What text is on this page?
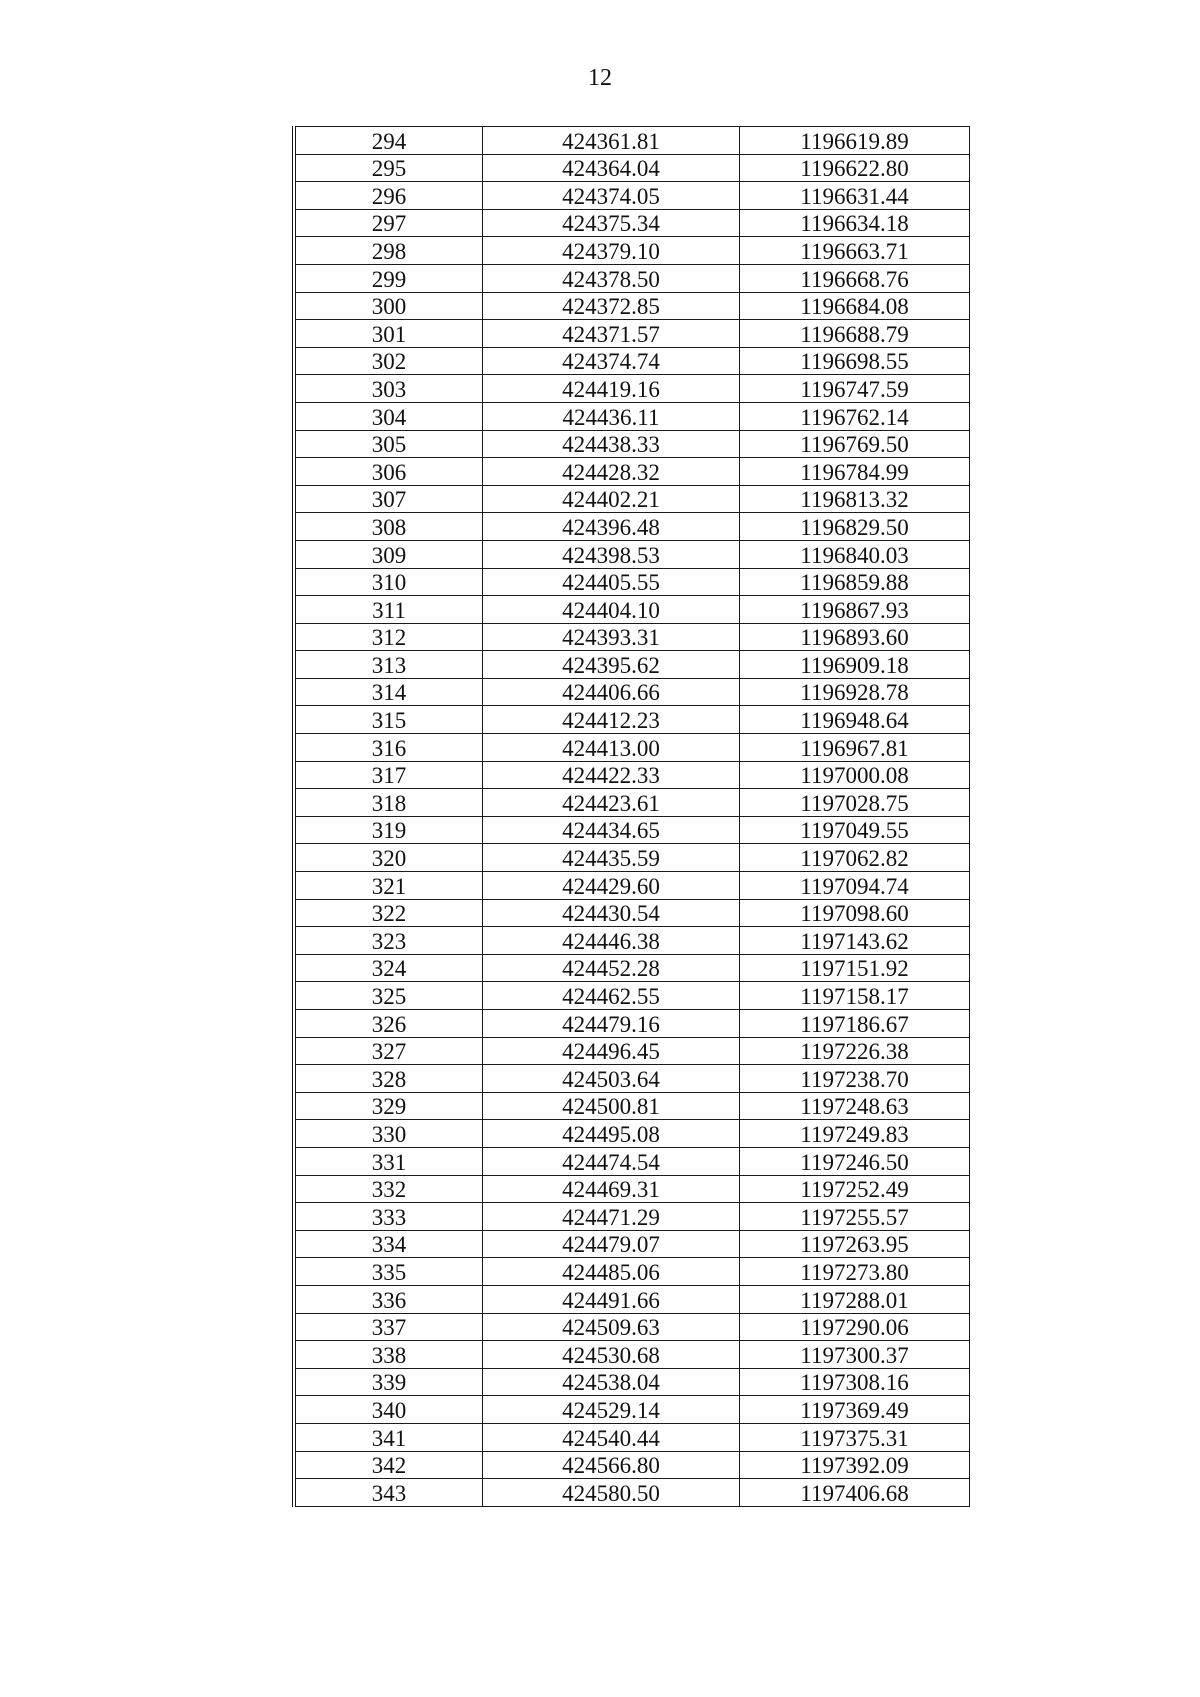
12
294	424361.81	1196619.89
295	424364.04	1196622.80
296	424374.05	1196631.44
297	424375.34	1196634.18
298	424379.10	1196663.71
299	424378.50	1196668.76
300	424372.85	1196684.08
301	424371.57	1196688.79
302	424374.74	1196698.55
303	424419.16	1196747.59
304	424436.11	1196762.14
305	424438.33	1196769.50
306	424428.32	1196784.99
307	424402.21	1196813.32
308	424396.48	1196829.50
309	424398.53	1196840.03
310	424405.55	1196859.88
311	424404.10	1196867.93
312	424393.31	1196893.60
313	424395.62	1196909.18
314	424406.66	1196928.78
315	424412.23	1196948.64
316	424413.00	1196967.81
317	424422.33	1197000.08
318	424423.61	1197028.75
319	424434.65	1197049.55
320	424435.59	1197062.82
321	424429.60	1197094.74
322	424430.54	1197098.60
323	424446.38	1197143.62
324	424452.28	1197151.92
325	424462.55	1197158.17
326	424479.16	1197186.67
327	424496.45	1197226.38
328	424503.64	1197238.70
329	424500.81	1197248.63
330	424495.08	1197249.83
331	424474.54	1197246.50
332	424469.31	1197252.49
333	424471.29	1197255.57
334	424479.07	1197263.95
335	424485.06	1197273.80
336	424491.66	1197288.01
337	424509.63	1197290.06
338	424530.68	1197300.37
339	424538.04	1197308.16
340	424529.14	1197369.49
341	424540.44	1197375.31
342	424566.80	1197392.09
343	424580.50	1197406.68
